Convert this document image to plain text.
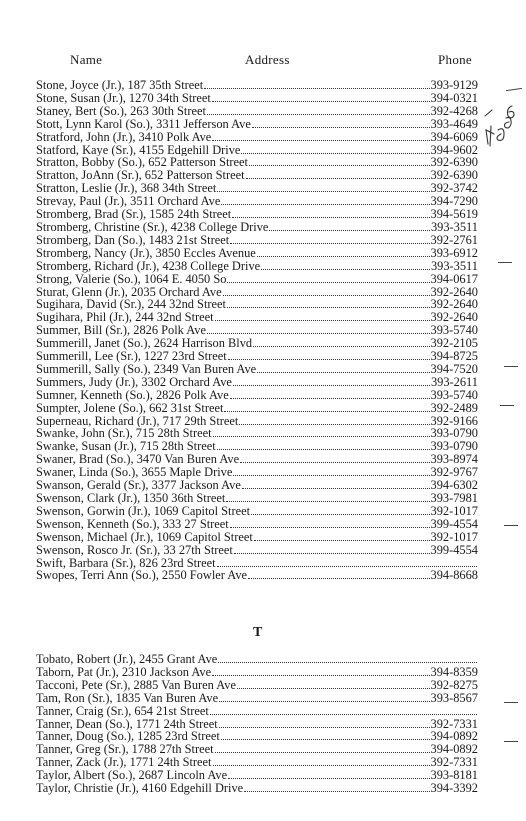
Name	Address	Phone
Stone, Joyce (Jr.), 187 35th Street	393-9129
Stone, Susan (Jr.), 1270 34th Street	394-0321
Staney, Bert (So.), 263 30th Street	392-4268
Stott, Lynn Karol (So.), 3311 Jefferson Ave	393-4649
Stratford, John (Jr.), 3410 Polk Ave	394-6069
Statford, Kaye (Sr.), 4155 Edgehill Drive	394-9602
Stratton, Bobby (So.), 652 Patterson Street	392-6390
Stratton, JoAnn (Sr.), 652 Patterson Street	392-6390
Stratton, Leslie (Jr.), 368 34th Street	392-3742
Strevay, Paul (Jr.), 3511 Orchard Ave	394-7290
Stromberg, Brad (Sr.), 1585 24th Street	394-5619
Stromberg, Christine (Sr.), 4238 College Drive	393-3511
Stromberg, Dan (So.), 1483 21st Street	392-2761
Stromberg, Nancy (Jr.), 3850 Eccles Avenue	393-6912
Stromberg, Richard (Jr.), 4238 College Drive	393-3511
Strong, Valerie (So.), 1064 E. 4050 So	394-0617
Sturat, Glenn (Jr.), 2035 Orchard Ave	392-2640
Sugihara, David (Sr.), 244 32nd Street	392-2640
Sugihara, Phil (Jr.), 244 32nd Street	392-2640
Summer, Bill (Sr.), 2826 Polk Ave	393-5740
Summerill, Janet (So.), 2624 Harrison Blvd	392-2105
Summerill, Lee (Sr.), 1227 23rd Street	394-8725
Summerill, Sally (So.), 2349 Van Buren Ave	394-7520
Summers, Judy (Jr.), 3302 Orchard Ave	393-2611
Sumner, Kenneth (So.), 2826 Polk Ave	393-5740
Sumpter, Jolene (So.), 662 31st Street	392-2489
Superneau, Richard (Jr.), 717 29th Street	392-9166
Swanke, John (Sr.), 715 28th Street	393-0790
Swanke, Susan (Jr.), 715 28th Street	393-0790
Swaner, Brad (So.), 3470 Van Buren Ave	393-8974
Swaner, Linda (So.), 3655 Maple Drive	392-9767
Swanson, Gerald (Sr.), 3377 Jackson Ave	394-6302
Swenson, Clark (Jr.), 1350 36th Street	393-7981
Swenson, Gorwin (Jr.), 1069 Capitol Street	392-1017
Swenson, Kenneth (So.), 333 27 Street	399-4554
Swenson, Michael (Jr.), 1069 Capitol Street	392-1017
Swenson, Rosco Jr. (Sr.), 33 27th Street	399-4554
Swift, Barbara (Sr.), 826 23rd Street
Swopes, Terri Ann (So.), 2550 Fowler Ave	394-8668
T
Tobato, Robert (Jr.), 2455 Grant Ave
Taborn, Pat (Jr.), 2310 Jackson Ave	394-8359
Tacconi, Pete (Sr.), 2885 Van Buren Ave	392-8275
Tam, Ron (Sr.), 1835 Van Buren Ave	393-8567
Tanner, Craig (Sr.), 654 21st Street
Tanner, Dean (So.), 1771 24th Street	392-7331
Tanner, Doug (So.), 1285 23rd Street	394-0892
Tanner, Greg (Sr.), 1788 27th Street	394-0892
Tanner, Zack (Jr.), 1771 24th Street	392-7331
Taylor, Albert (So.), 2687 Lincoln Ave	393-8181
Taylor, Christie (Jr.), 4160 Edgehill Drive	394-3392
